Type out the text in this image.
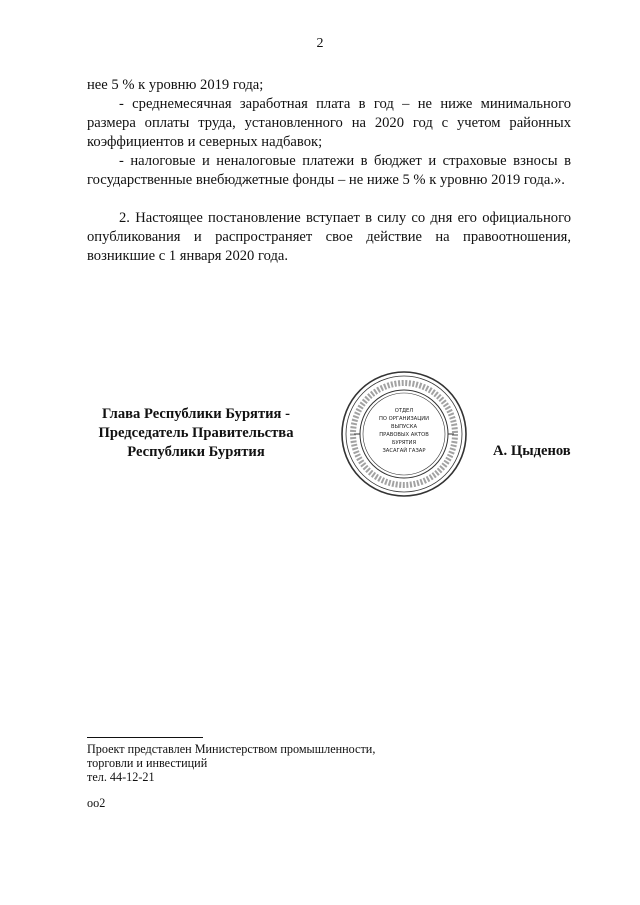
2

нее 5 % к уровню 2019 года;

- среднемесячная заработная плата в год – не ниже минимального размера оплаты труда, установленного на 2020 год с учетом районных коэффициентов и северных надбавок;

- налоговые и неналоговые платежи в бюджет и страховые взносы в государственные внебюджетные фонды – не ниже 5 % к уровню 2019 года.».

2. Настоящее постановление вступает в силу со дня его официального опубликования и распространяет свое действие на правоотношения, возникшие с 1 января 2020 года.

Глава Республики Бурятия -
Председатель Правительства
Республики Бурятия
ОТДЕЛ
ПО ОРГАНИЗАЦИИ
ВЫПУСКА
ПРАВОВЫХ АКТОВ
БУРЯТИЯ
ЗАСАГАЙ ГАЗАР	А. Цыденов
Проект представлен Министерством промышленности,
торговли и инвестиций
тел. 44-12-21
оо2
